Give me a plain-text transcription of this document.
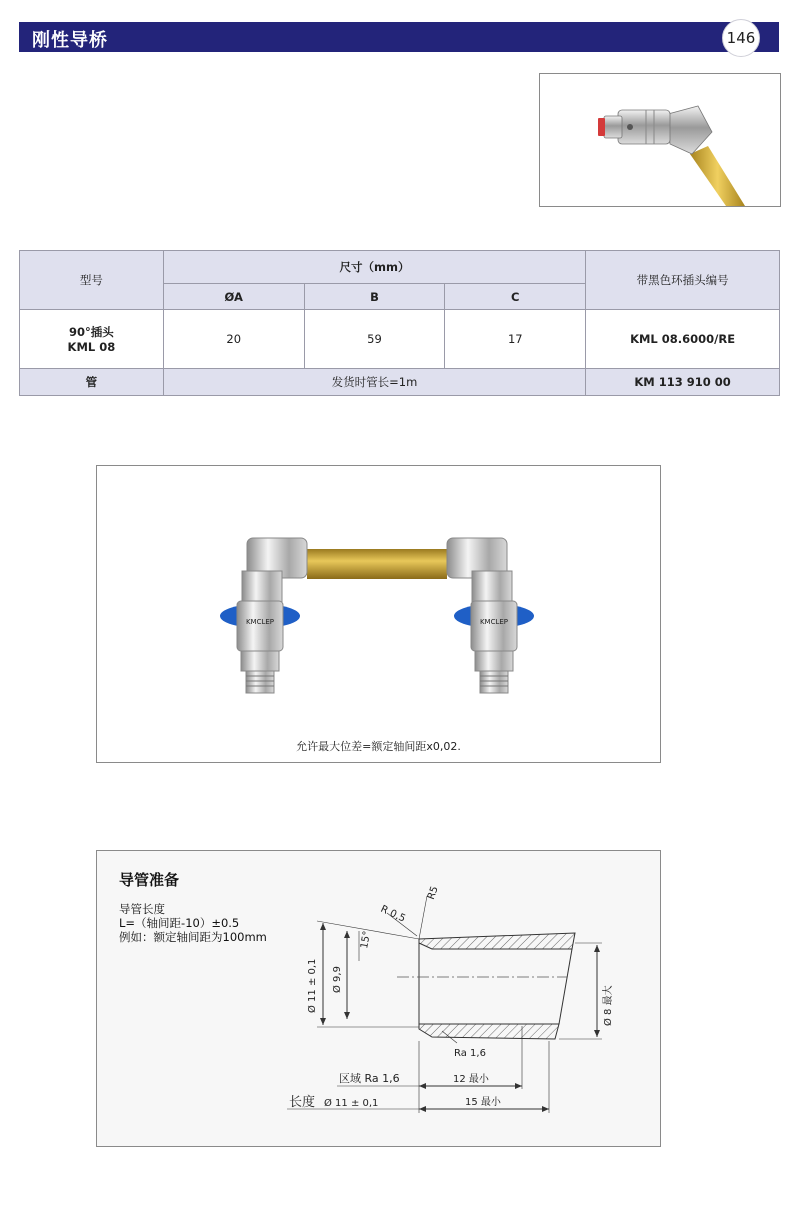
刚性导桥	146
型号	尺寸（mm）			带黑色环插头编号
	ØA	B	C	

90°插头
KML 08	20	59	17	KML 08.6000/RE
管	发货时管长=1m			KM 113 910 00
KMCLEP	KMCLEP
允许最大位差=额定轴间距x0,02.
导管准备
导管长度
L=（轴间距-10）±0.5
例如：额定轴间距为100mm
R5
R 0,5
15°
Ø 11 ± 0,1 Ø 9,9
Ø 8 最大
Ra 1,6
区域 Ra 1,6	12 最小
长度 Ø 11 ± 0,1	15 最小
